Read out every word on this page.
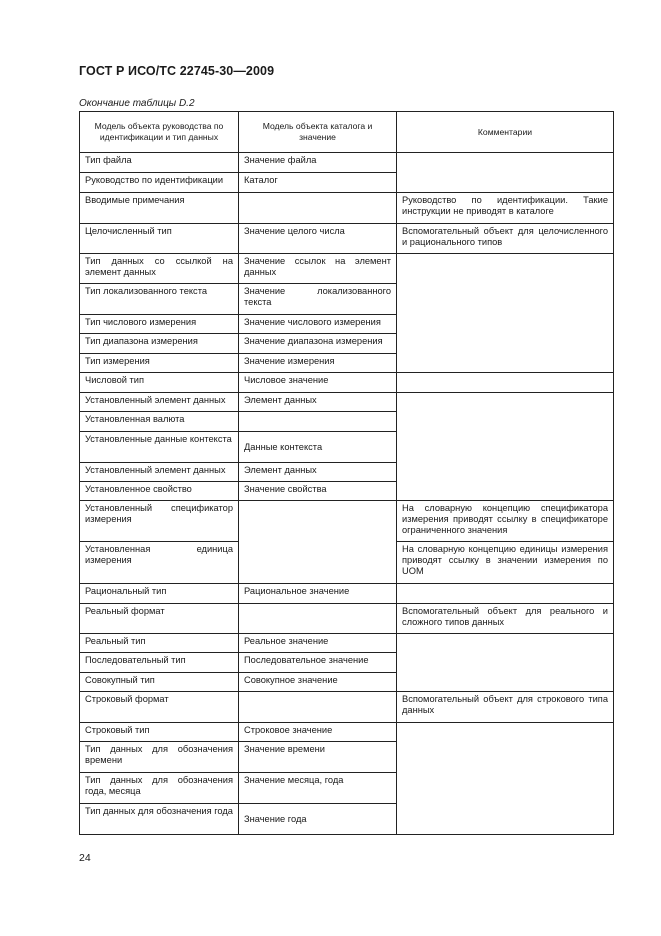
ГОСТ Р ИСО/ТС 22745-30—2009
Окончание таблицы D.2
Модель объекта руководства по идентификации и тип данных	Модель объекта каталога и значение	Комментарии
Тип файла	Значение файла	
Руководство по идентификации	Каталог	
Вводимые примечания		Руководство по идентификации. Такие инструкции не приводят в каталоге
Целочисленный тип	Значение целого числа	Вспомогательный объект для целочисленного и рационального типов
Тип данных со ссылкой на элемент данных	Значение ссылок на элемент данных	
Тип локализованного текста	Значение локализованного текста	
Тип числового измерения	Значение числового измерения	
Тип диапазона измерения	Значение диапазона измерения	
Тип измерения	Значение измерения	
Числовой тип	Числовое значение	
Установленный элемент данных	Элемент данных	
Установленная валюта		
Установленные данные контекста	Данные контекста	
Установленный элемент данных	Элемент данных	
Установленное свойство	Значение свойства	
Установленный спецификатор измерения		На словарную концепцию спецификатора измерения приводят ссылку в спецификаторе ограниченного значения
Установленная единица измерения		На словарную концепцию единицы измерения приводят ссылку в значении измерения по UOM
Рациональный тип	Рациональное значение	
Реальный формат		Вспомогательный объект для реального и сложного типов данных
Реальный тип	Реальное значение	
Последовательный тип	Последовательное значение	
Совокупный тип	Совокупное значение	
Строковый формат		Вспомогательный объект для строкового типа данных
Строковый тип	Строковое значение	
Тип данных для обозначения времени	Значение времени	
Тип данных для обозначения года, месяца	Значение месяца, года	
Тип данных для обозначения года	Значение года	
24
